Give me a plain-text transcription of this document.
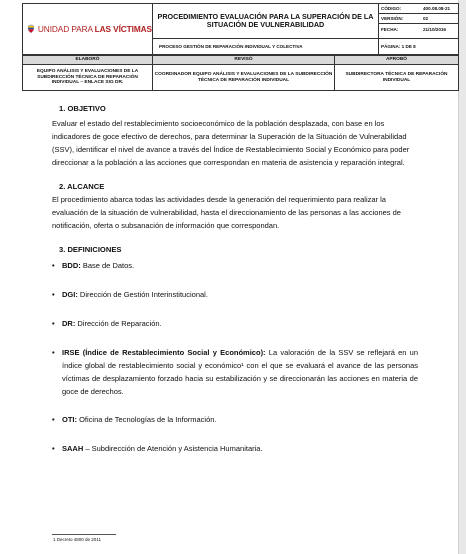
UNIDAD PARA LAS VÍCTIMAS	PROCEDIMIENTO EVALUACIÓN PARA LA SUPERACIÓN DE LA SITUACIÓN DE VULNERABILIDAD	CÓDIGO: 400.08.08-21
VERSIÓN: 02
FECHA: 21/10/2016

	PROCESO GESTIÓN DE REPARACIÓN INDIVIDUAL Y COLECTIVA	PÁGINA: 1 DE 8
ELABORÓ	REVISÓ	APROBÓ
EQUIPO ANÁLISIS Y EVALUACIONES DE LA SUBDIRECCIÓN TÉCNICA DE REPARACIÓN INDIVIDUAL – ENLACE SIG DR.	COORDINADOR EQUIPO ANÁLISIS Y EVALUACIONES DE LA SUBDIRECCIÓN TÉCNICA DE REPARACIÓN INDIVIDUAL	SUBDIRECTORA TÉCNICA DE REPARACIÓN INDIVIDUAL

1. OBJETIVO

Evaluar el estado del restablecimiento socioeconómico de la población desplazada, con base en los indicadores de goce efectivo de derechos, para determinar la Superación de la Situación de Vulnerabilidad (SSV), identificar el nivel de avance a través del Índice de Restablecimiento Social y Económico para poder direccionar a la población a las acciones que correspondan en materia de asistencia y reparación integral.

2. ALCANCE

El procedimiento abarca todas las actividades desde la generación del requerimiento para realizar la evaluación de la situación de vulnerabilidad, hasta el direccionamiento de las personas a las acciones de notificación, oferta o subsanación de información que correspondan.

3. DEFINICIONES

• BDD: Base de Datos.

• DGI: Dirección de Gestión Interinstitucional.

• DR: Dirección de Reparación.

• IRSE (Índice de Restablecimiento Social y Económico): La valoración de la SSV se reflejará en un índice global de restablecimiento social y económico¹ con el que se evaluará el avance de las personas víctimas de desplazamiento forzado hacia su estabilización y se direccionarán las acciones en materia de goce de derechos.

• OTI: Oficina de Tecnologías de la Información.

• SAAH – Subdirección de Atención y Asistencia Humanitaria.

1 Decreto 4800 de 2011
